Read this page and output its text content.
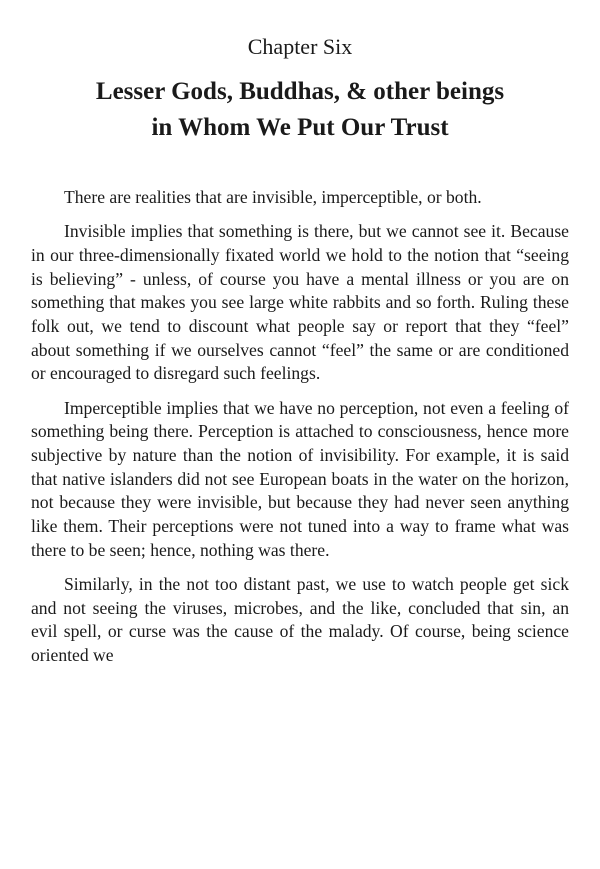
Chapter Six
Lesser Gods, Buddhas, & other beings
in Whom We Put Our Trust

There are realities that are invisible, imperceptible, or both.

Invisible implies that something is there, but we cannot see it. Because in our three-dimensionally fixated world we hold to the notion that “seeing is believing” - unless, of course you have a mental illness or you are on something that makes you see large white rabbits and so forth. Ruling these folk out, we tend to discount what people say or report that they “feel” about something if we ourselves cannot “feel” the same or are conditioned or encouraged to disregard such feelings.

Imperceptible implies that we have no perception, not even a feeling of something being there. Perception is attached to consciousness, hence more subjective by nature than the notion of invisibility. For example, it is said that native islanders did not see European boats in the water on the horizon, not because they were invisible, but because they had never seen anything like them. Their perceptions were not tuned into a way to frame what was there to be seen; hence, nothing was there.

Similarly, in the not too distant past, we use to watch people get sick and not seeing the viruses, microbes, and the like, concluded that sin, an evil spell, or curse was the cause of the malady. Of course, being science oriented we
